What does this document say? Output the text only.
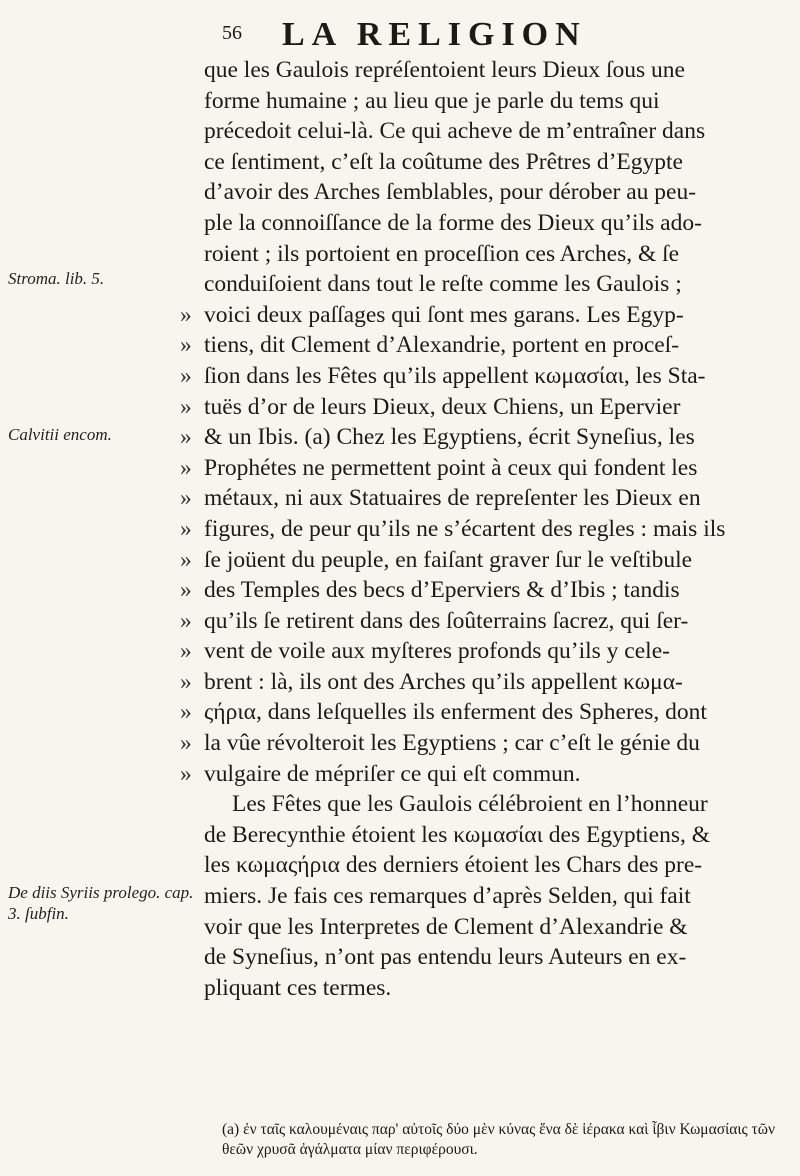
56 LA RELIGION
Stroma. lib. 5.
Calvitii encom.
De diis Syriis prolego. cap. 3. ſubfin.
que les Gaulois repréſentoient leurs Dieux ſous une
forme humaine ; au lieu que je parle du tems qui
précedoit celui-là. Ce qui acheve de m’entraîner dans
ce ſentiment, c’eſt la coûtume des Prêtres d’Egypte
d’avoir des Arches ſemblables, pour dérober au peu-
ple la connoiſſance de la forme des Dieux qu’ils ado-
roient ; ils portoient en proceſſion ces Arches, & ſe
conduiſoient dans tout le reſte comme les Gaulois ;
» voici deux paſſages qui ſont mes garans. Les Egyp-
» tiens, dit Clement d’Alexandrie, portent en proceſ-
» ſion dans les Fêtes qu’ils appellent κωμασίαι, les Sta-
» tuës d’or de leurs Dieux, deux Chiens, un Epervier
» & un Ibis. (a) Chez les Egyptiens, écrit Syneſius, les
» Prophétes ne permettent point à ceux qui fondent les
» métaux, ni aux Statuaires de repreſenter les Dieux en
» figures, de peur qu’ils ne s’écartent des regles : mais ils
» ſe joüent du peuple, en faiſant graver ſur le veſtibule
» des Temples des becs d’Eperviers & d’Ibis ; tandis
» qu’ils ſe retirent dans des ſoûterrains ſacrez, qui ſer-
» vent de voile aux myſteres profonds qu’ils y cele-
» brent : là, ils ont des Arches qu’ils appellent κωμα-
» ςήρια, dans leſquelles ils enferment des Spheres, dont
» la vûe révolteroit les Egyptiens ; car c’eſt le génie du
» vulgaire de mépriſer ce qui eſt commun.
Les Fêtes que les Gaulois célébroient en l’honneur
de Berecynthie étoient les κωμασίαι des Egyptiens, &
les κωμαςήρια des derniers étoient les Chars des pre-
miers. Je fais ces remarques d’après Selden, qui fait
voir que les Interpretes de Clement d’Alexandrie &
de Syneſius, n’ont pas entendu leurs Auteurs en ex-
pliquant ces termes.
(a) ἐν ταῖς καλουμέναις παρ' αὐτοῖς δύο μὲν κύνας ἕνα δὲ ἱέρακα καὶ ἶβιν Κωμασίαις τῶν θεῶν χρυσᾶ ἀγάλματα μίαν περιφέρουσι.
